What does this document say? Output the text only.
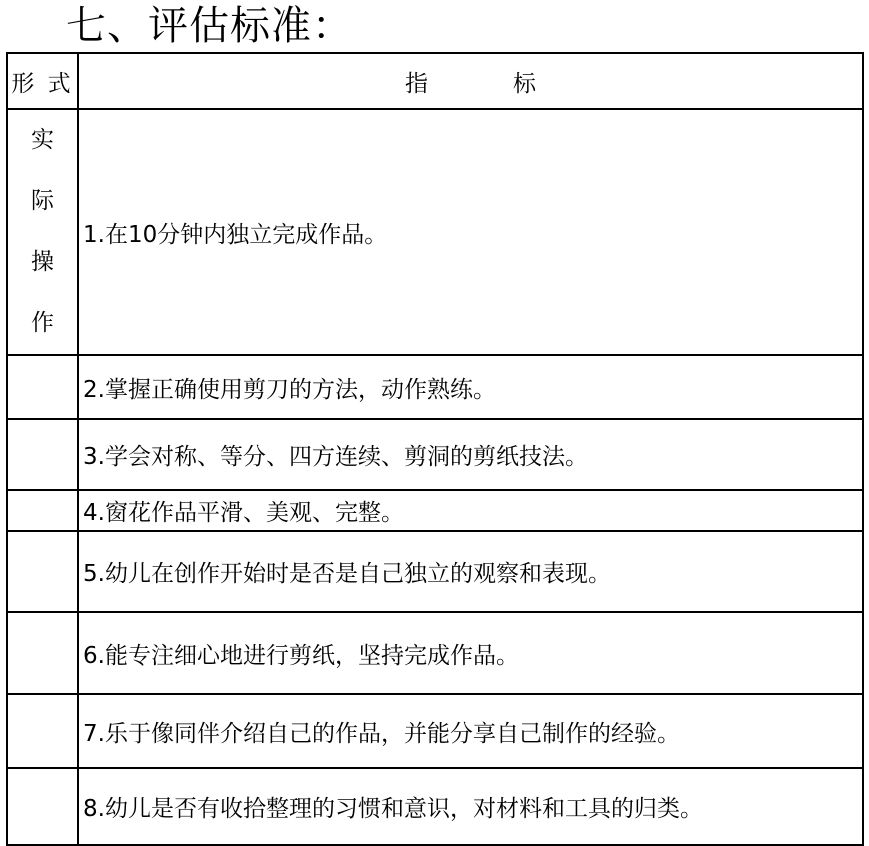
七、评估标准：
形 式	指 标

实
际
操
作	1.在10分钟内独立完成作品。
	2.掌握正确使用剪刀的方法，动作熟练。
	3.学会对称、等分、四方连续、剪洞的剪纸技法。
	4.窗花作品平滑、美观、完整。
	5.幼儿在创作开始时是否是自己独立的观察和表现。
	6.能专注细心地进行剪纸，坚持完成作品。
	7.乐于像同伴介绍自己的作品，并能分享自己制作的经验。
	8.幼儿是否有收拾整理的习惯和意识，对材料和工具的归类。
